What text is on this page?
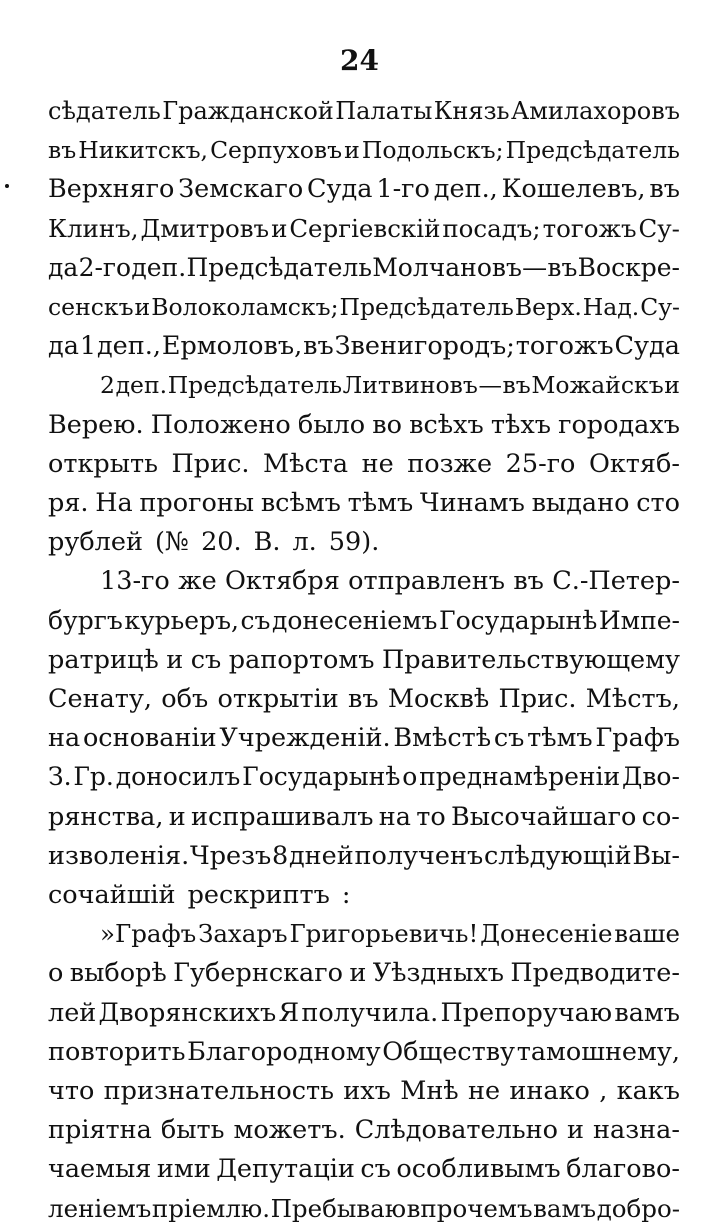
24
сѣдатель Гражданской Палаты Князь Амилахоровъ
въ Никитскъ, Серпуховъ и Подольскъ; Предсѣдатель
Верхняго Земскаго Суда 1-го деп., Кошелевъ, въ
Клинъ, Дмитровъ и Сергіевскій посадъ; тогожъ Су-
да 2-го деп. Предсѣдатель Молчановъ — въ Воскре-
сенскъ и Волоколамскъ; Предсѣдатель Верх. Над. Су-
да 1 деп., Ермоловъ, въ Звенигородъ; тогожъ Суда
2 деп. Предсѣдатель Литвиновъ — въ Можайскъ и
Верею. Положено было во всѣхъ тѣхъ городахъ
открыть Прис. Мѣста не позже 25-го Октяб-
ря. На прогоны всѣмъ тѣмъ Чинамъ выдано сто
рублей (№ 20. В. л. 59).
13-го же Октября отправленъ въ С.-Петер-
бургъ курьеръ, съ донесеніемъ Государынѣ Импе-
ратрицѣ и съ рапортомъ Правительствующему
Сенату, объ открытіи въ Москвѣ Прис. Мѣстъ,
на основаніи Учрежденій. Вмѣстѣ съ тѣмъ Графъ
З. Гр. доносилъ Государынѣ о преднамѣреніи Дво-
рянства, и испрашивалъ на то Высочайшаго со-
изволенія. Чрезъ 8 дней полученъ слѣдующій Вы-
сочайшій рескриптъ :
»Графъ Захаръ Григорьевичь! Донесеніе ваше
о выборѣ Губернскаго и Уѣздныхъ Предводите-
лей Дворянскихъ Я получила. Препоручаю вамъ
повторить Благородному Обществу тамошнему,
что признательность ихъ Мнѣ не инако , какъ
пріятна быть можетъ. Слѣдовательно и назна-
чаемыя ими Депутаціи съ особливымъ благово-
леніемъ пріемлю. Пребываю впрочемъ вамъ добро-
